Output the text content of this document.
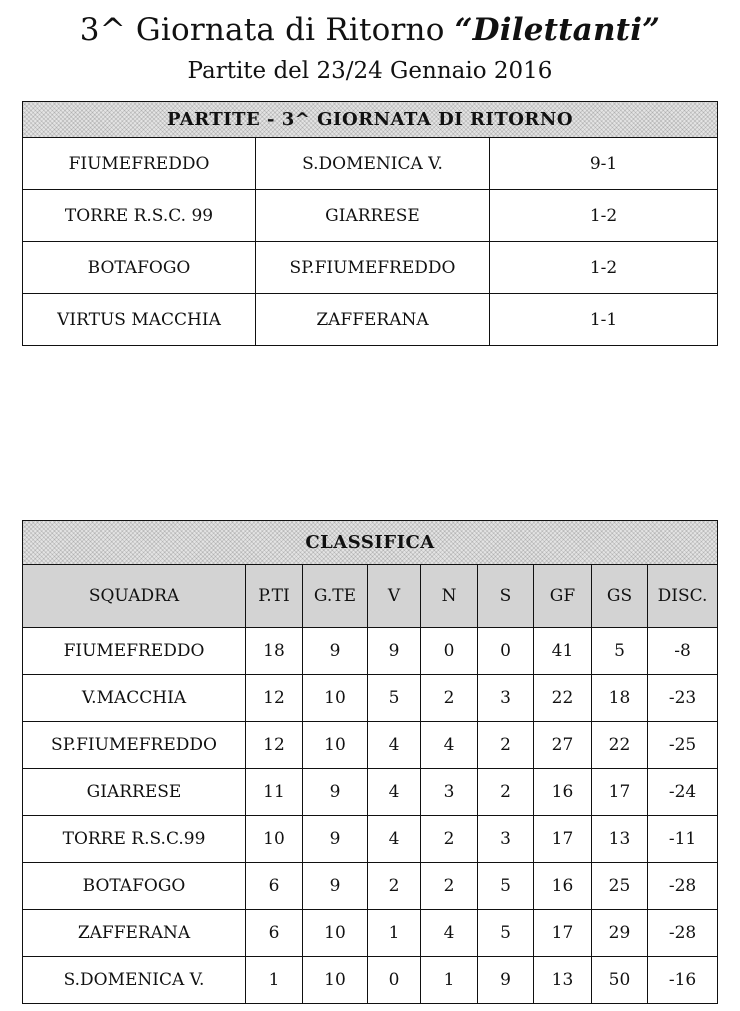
3^ Giornata di Ritorno “Dilettanti”
Partite del 23/24 Gennaio 2016
PARTITE - 3^ GIORNATA DI RITORNO		
FIUMEFREDDO	S.DOMENICA V.	9-1
TORRE R.S.C. 99	GIARRESE	1-2
BOTAFOGO	SP.FIUMEFREDDO	1-2
VIRTUS MACCHIA	ZAFFERANA	1-1
CLASSIFICA								
SQUADRA	P.TI	G.TE	V	N	S	GF	GS	DISC.
FIUMEFREDDO	18	9	9	0	0	41	5	-8
V.MACCHIA	12	10	5	2	3	22	18	-23
SP.FIUMEFREDDO	12	10	4	4	2	27	22	-25
GIARRESE	11	9	4	3	2	16	17	-24
TORRE R.S.C.99	10	9	4	2	3	17	13	-11
BOTAFOGO	6	9	2	2	5	16	25	-28
ZAFFERANA	6	10	1	4	5	17	29	-28
S.DOMENICA V.	1	10	0	1	9	13	50	-16
